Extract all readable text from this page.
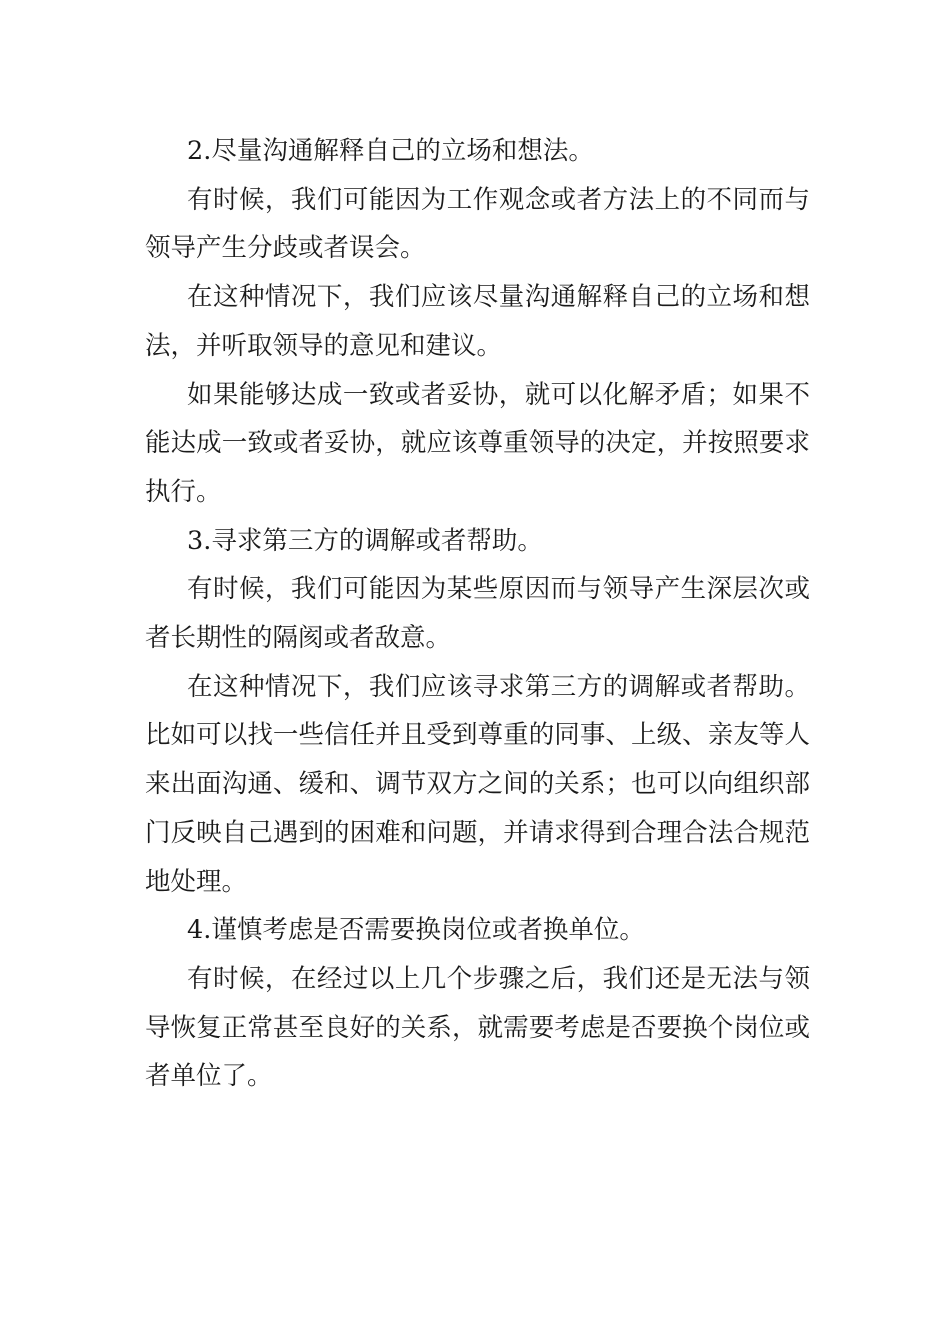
2.尽量沟通解释自己的立场和想法。

有时候，我们可能因为工作观念或者方法上的不同而与领导产生分歧或者误会。

在这种情况下，我们应该尽量沟通解释自己的立场和想法，并听取领导的意见和建议。

如果能够达成一致或者妥协，就可以化解矛盾；如果不能达成一致或者妥协，就应该尊重领导的决定，并按照要求执行。

3.寻求第三方的调解或者帮助。

有时候，我们可能因为某些原因而与领导产生深层次或者长期性的隔阂或者敌意。

在这种情况下，我们应该寻求第三方的调解或者帮助。比如可以找一些信任并且受到尊重的同事、上级、亲友等人来出面沟通、缓和、调节双方之间的关系；也可以向组织部门反映自己遇到的困难和问题，并请求得到合理合法合规范地处理。

4.谨慎考虑是否需要换岗位或者换单位。

有时候，在经过以上几个步骤之后，我们还是无法与领导恢复正常甚至良好的关系，就需要考虑是否要换个岗位或者单位了。
